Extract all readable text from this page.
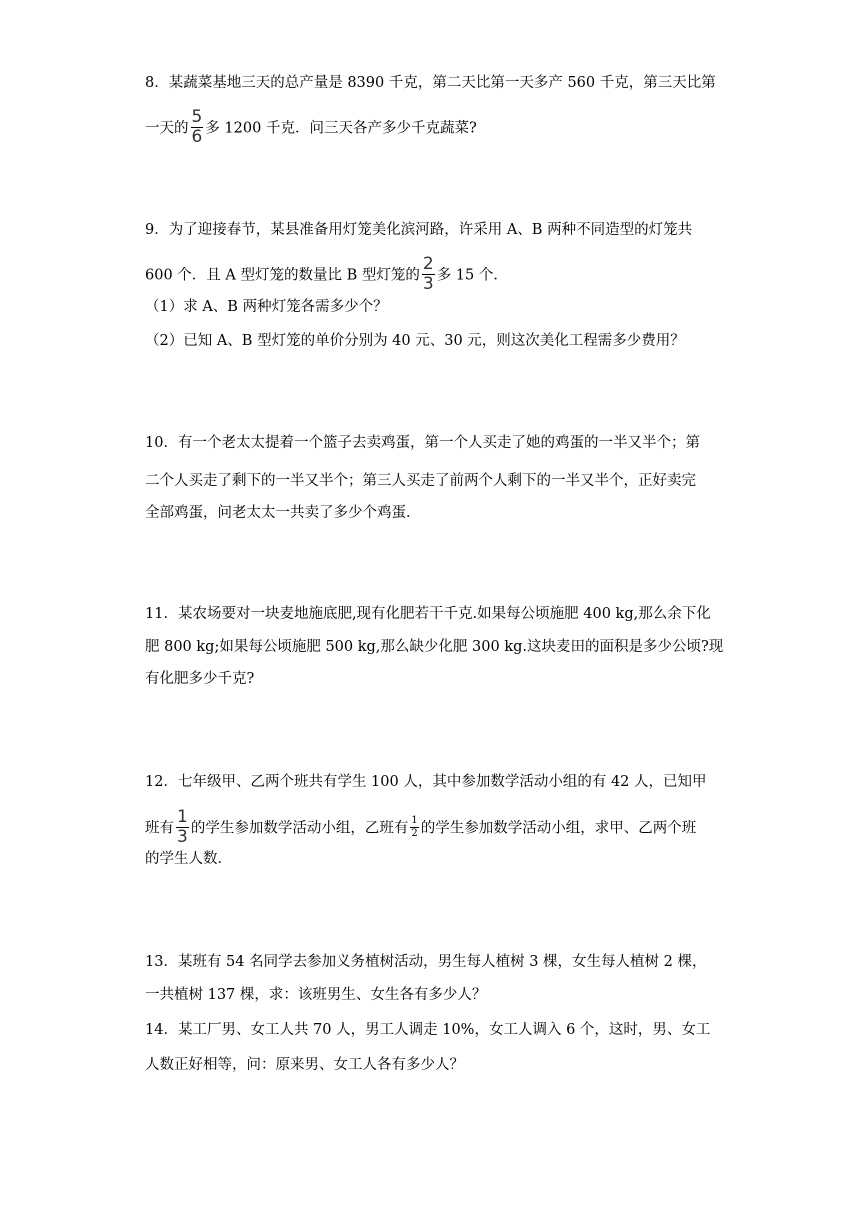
8．某蔬菜基地三天的总产量是 8390 千克，第二天比第一天多产 560 千克，第三天比第
一天的 $\frac{5}{6}$ 多 1200 千克．问三天各产多少千克蔬菜?
9．为了迎接春节，某县准备用灯笼美化滨河路，许采用 A、B 两种不同造型的灯笼共
600 个．且 A 型灯笼的数量比 B 型灯笼的 $\frac{2}{3}$ 多 15 个．
（1）求 A、B 两种灯笼各需多少个？
（2）已知 A、B 型灯笼的单价分别为 40 元、30 元，则这次美化工程需多少费用？
10．有一个老太太提着一个篮子去卖鸡蛋，第一个人买走了她的鸡蛋的一半又半个；第
二个人买走了剩下的一半又半个；第三人买走了前两个人剩下的一半又半个，正好卖完
全部鸡蛋，问老太太一共卖了多少个鸡蛋．
11．某农场要对一块麦地施底肥,现有化肥若干千克.如果每公顷施肥 400 kg,那么余下化
肥 800 kg;如果每公顷施肥 500 kg,那么缺少化肥 300 kg.这块麦田的面积是多少公顷?现
有化肥多少千克?
12．七年级甲、乙两个班共有学生 100 人，其中参加数学活动小组的有 42 人，已知甲
班有 $\frac{1}{3}$ 的学生参加数学活动小组，乙班有 $\frac{1}{2}$ 的学生参加数学活动小组，求甲、乙两个班
的学生人数．
13．某班有 54 名同学去参加义务植树活动，男生每人植树 3 棵，女生每人植树 2 棵，
一共植树 137 棵，求：该班男生、女生各有多少人？
14．某工厂男、女工人共 70 人，男工人调走 10%，女工人调入 6 个，这时，男、女工
人数正好相等，问：原来男、女工人各有多少人？
